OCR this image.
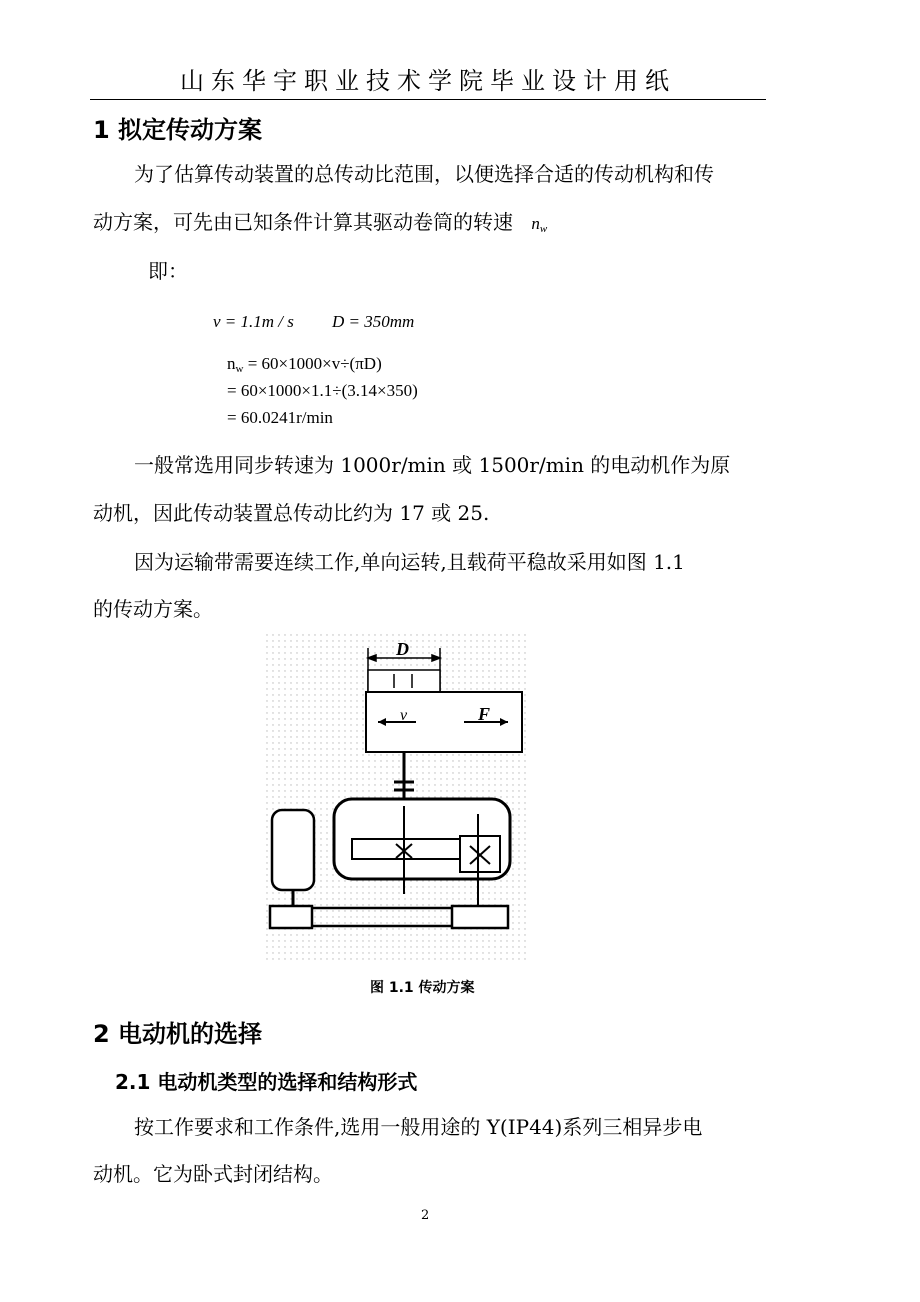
山东华宇职业技术学院毕业设计用纸
1 拟定传动方案
为了估算传动装置的总传动比范围，以便选择合适的传动机构和传
动方案，可先由已知条件计算其驱动卷筒的转速 $n_w$
即：
v = 1.1m / s D = 350mm
$n_w = 60\times 1000\times v\div(\pi D)$
= 60×1000×1.1÷(3.14×350)
= 60.0241r/min
一般常选用同步转速为 1000r/min 或 1500r/min 的电动机作为原
动机，因此传动装置总传动比约为 17 或 25.
因为运输带需要连续工作,单向运转,且载荷平稳故采用如图 1.1
的传动方案。
D
v	F
图 1.1 传动方案
2 电动机的选择
2.1 电动机类型的选择和结构形式
按工作要求和工作条件,选用一般用途的 Y(IP44)系列三相异步电
动机。它为卧式封闭结构。
2
